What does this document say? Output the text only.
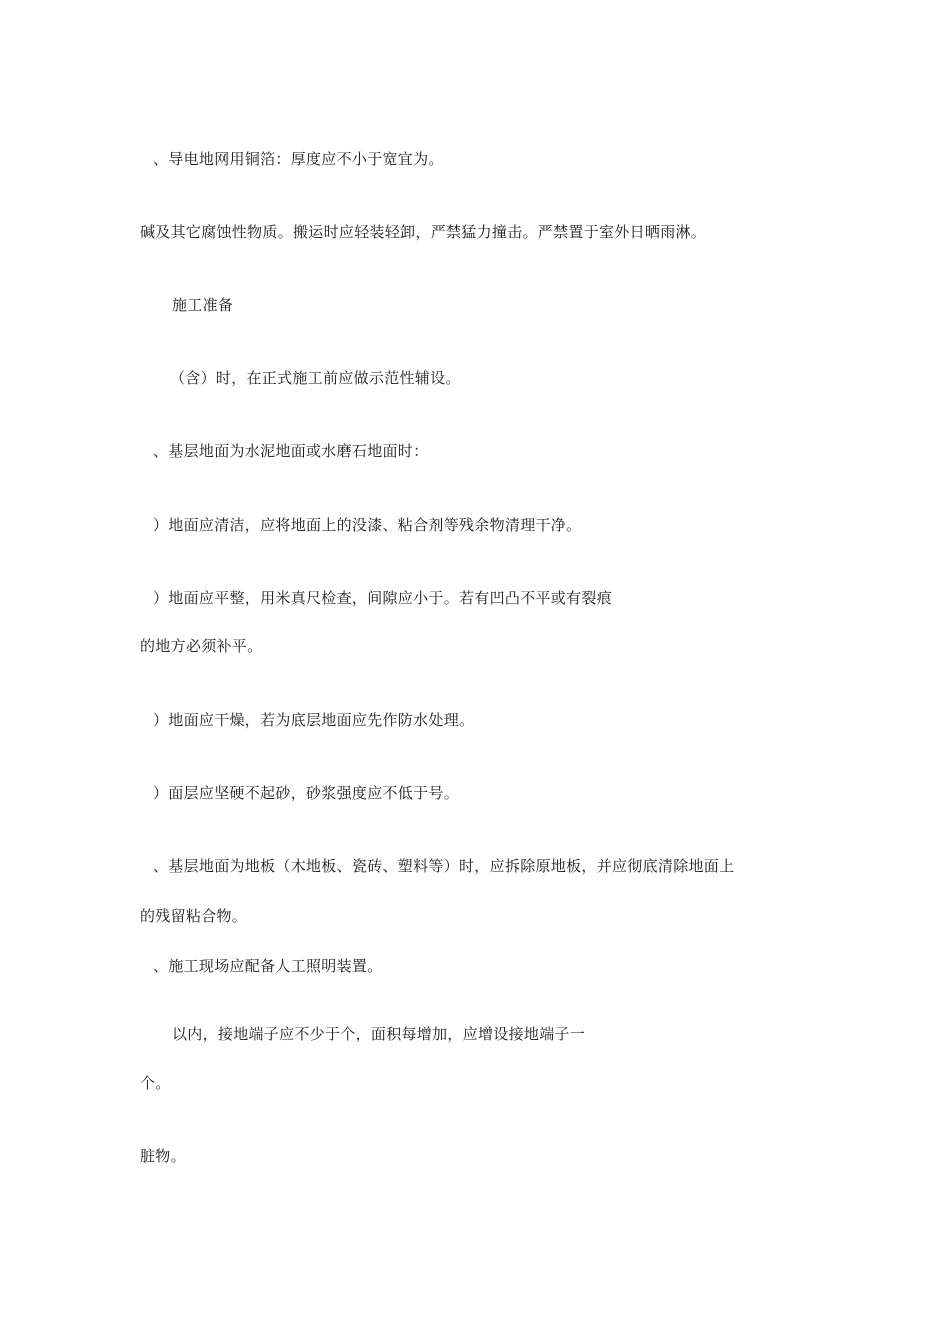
、导电地网用铜箔：厚度应不小于宽宜为。
碱及其它腐蚀性物质。搬运时应轻装轻卸，严禁猛力撞击。严禁置于室外日晒雨淋。
施工准备
（含）时，在正式施工前应做示范性辅设。
、基层地面为水泥地面或水磨石地面时：
）地面应清洁，应将地面上的没漆、粘合剂等残余物清理干净。
）地面应平整，用米真尺检查，间隙应小于。若有凹凸不平或有裂痕
的地方必须补平。
）地面应干燥，若为底层地面应先作防水处理。
）面层应坚硬不起砂，砂浆强度应不低于号。
、基层地面为地板（木地板、瓷砖、塑料等）时，应拆除原地板，并应彻底清除地面上
的残留粘合物。
、施工现场应配备人工照明装置。
以内，接地端子应不少于个，面积每增加，应增设接地端子一
个。
脏物。
